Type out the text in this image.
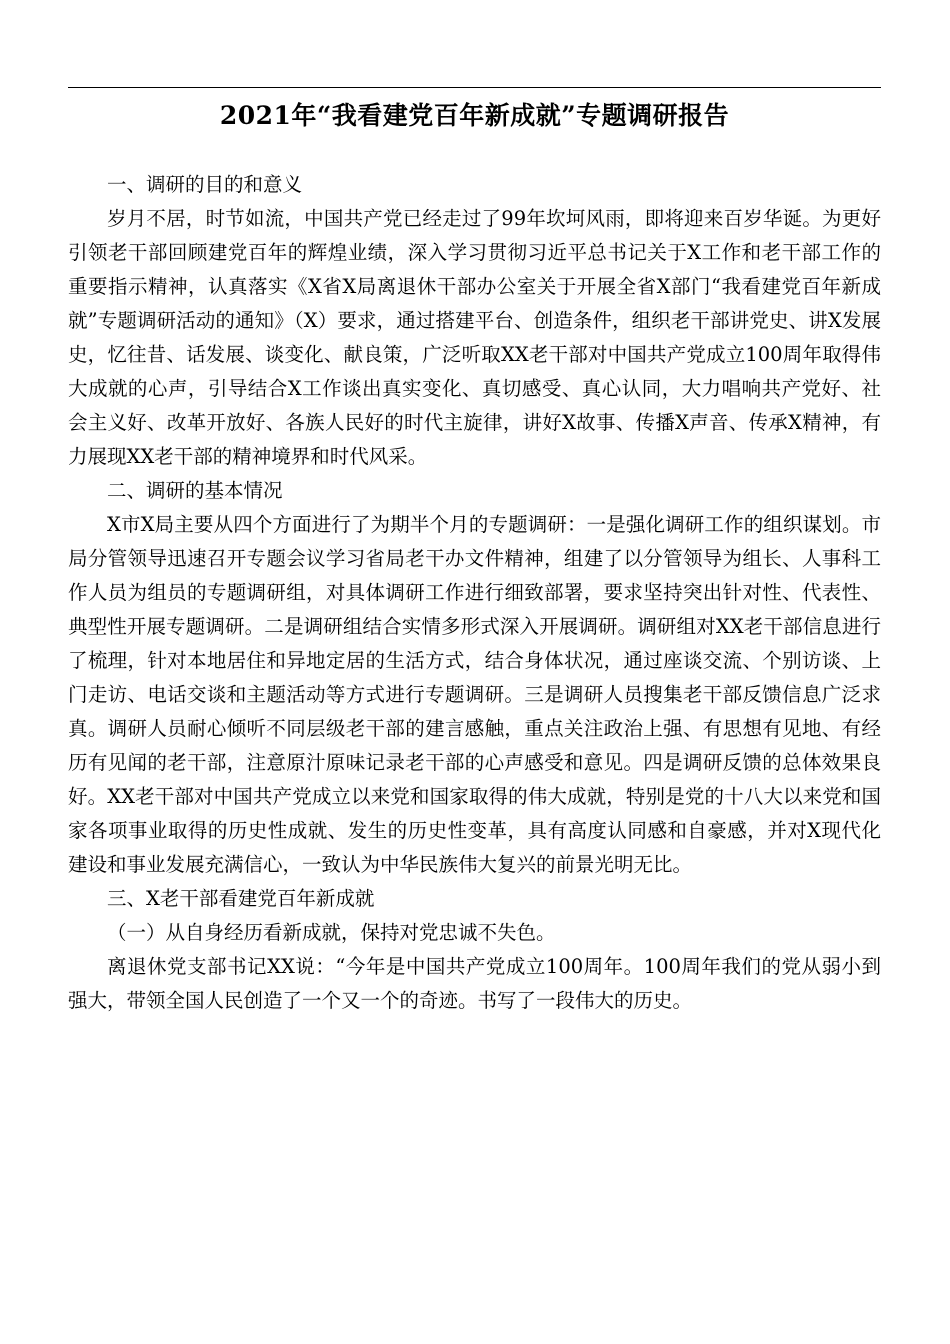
2021年“我看建党百年新成就”专题调研报告

一、调研的目的和意义

岁月不居，时节如流，中国共产党已经走过了99年坎坷风雨，即将迎来百岁华诞。为更好引领老干部回顾建党百年的辉煌业绩，深入学习贯彻习近平总书记关于X工作和老干部工作的重要指示精神，认真落实《X省X局离退休干部办公室关于开展全省X部门“我看建党百年新成就”专题调研活动的通知》（X）要求，通过搭建平台、创造条件，组织老干部讲党史、讲X发展史，忆往昔、话发展、谈变化、献良策，广泛听取XX老干部对中国共产党成立100周年取得伟大成就的心声，引导结合X工作谈出真实变化、真切感受、真心认同，大力唱响共产党好、社会主义好、改革开放好、各族人民好的时代主旋律，讲好X故事、传播X声音、传承X精神，有力展现XX老干部的精神境界和时代风采。

二、调研的基本情况

X市X局主要从四个方面进行了为期半个月的专题调研：一是强化调研工作的组织谋划。市局分管领导迅速召开专题会议学习省局老干办文件精神，组建了以分管领导为组长、人事科工作人员为组员的专题调研组，对具体调研工作进行细致部署，要求坚持突出针对性、代表性、典型性开展专题调研。二是调研组结合实情多形式深入开展调研。调研组对XX老干部信息进行了梳理，针对本地居住和异地定居的生活方式，结合身体状况，通过座谈交流、个别访谈、上门走访、电话交谈和主题活动等方式进行专题调研。三是调研人员搜集老干部反馈信息广泛求真。调研人员耐心倾听不同层级老干部的建言感触，重点关注政治上强、有思想有见地、有经历有见闻的老干部，注意原汁原味记录老干部的心声感受和意见。四是调研反馈的总体效果良好。XX老干部对中国共产党成立以来党和国家取得的伟大成就，特别是党的十八大以来党和国家各项事业取得的历史性成就、发生的历史性变革，具有高度认同感和自豪感，并对X现代化建设和事业发展充满信心，一致认为中华民族伟大复兴的前景光明无比。

三、X老干部看建党百年新成就

（一）从自身经历看新成就，保持对党忠诚不失色。

离退休党支部书记XX说：“今年是中国共产党成立100周年。100周年我们的党从弱小到强大，带领全国人民创造了一个又一个的奇迹。书写了一段伟大的历史。
